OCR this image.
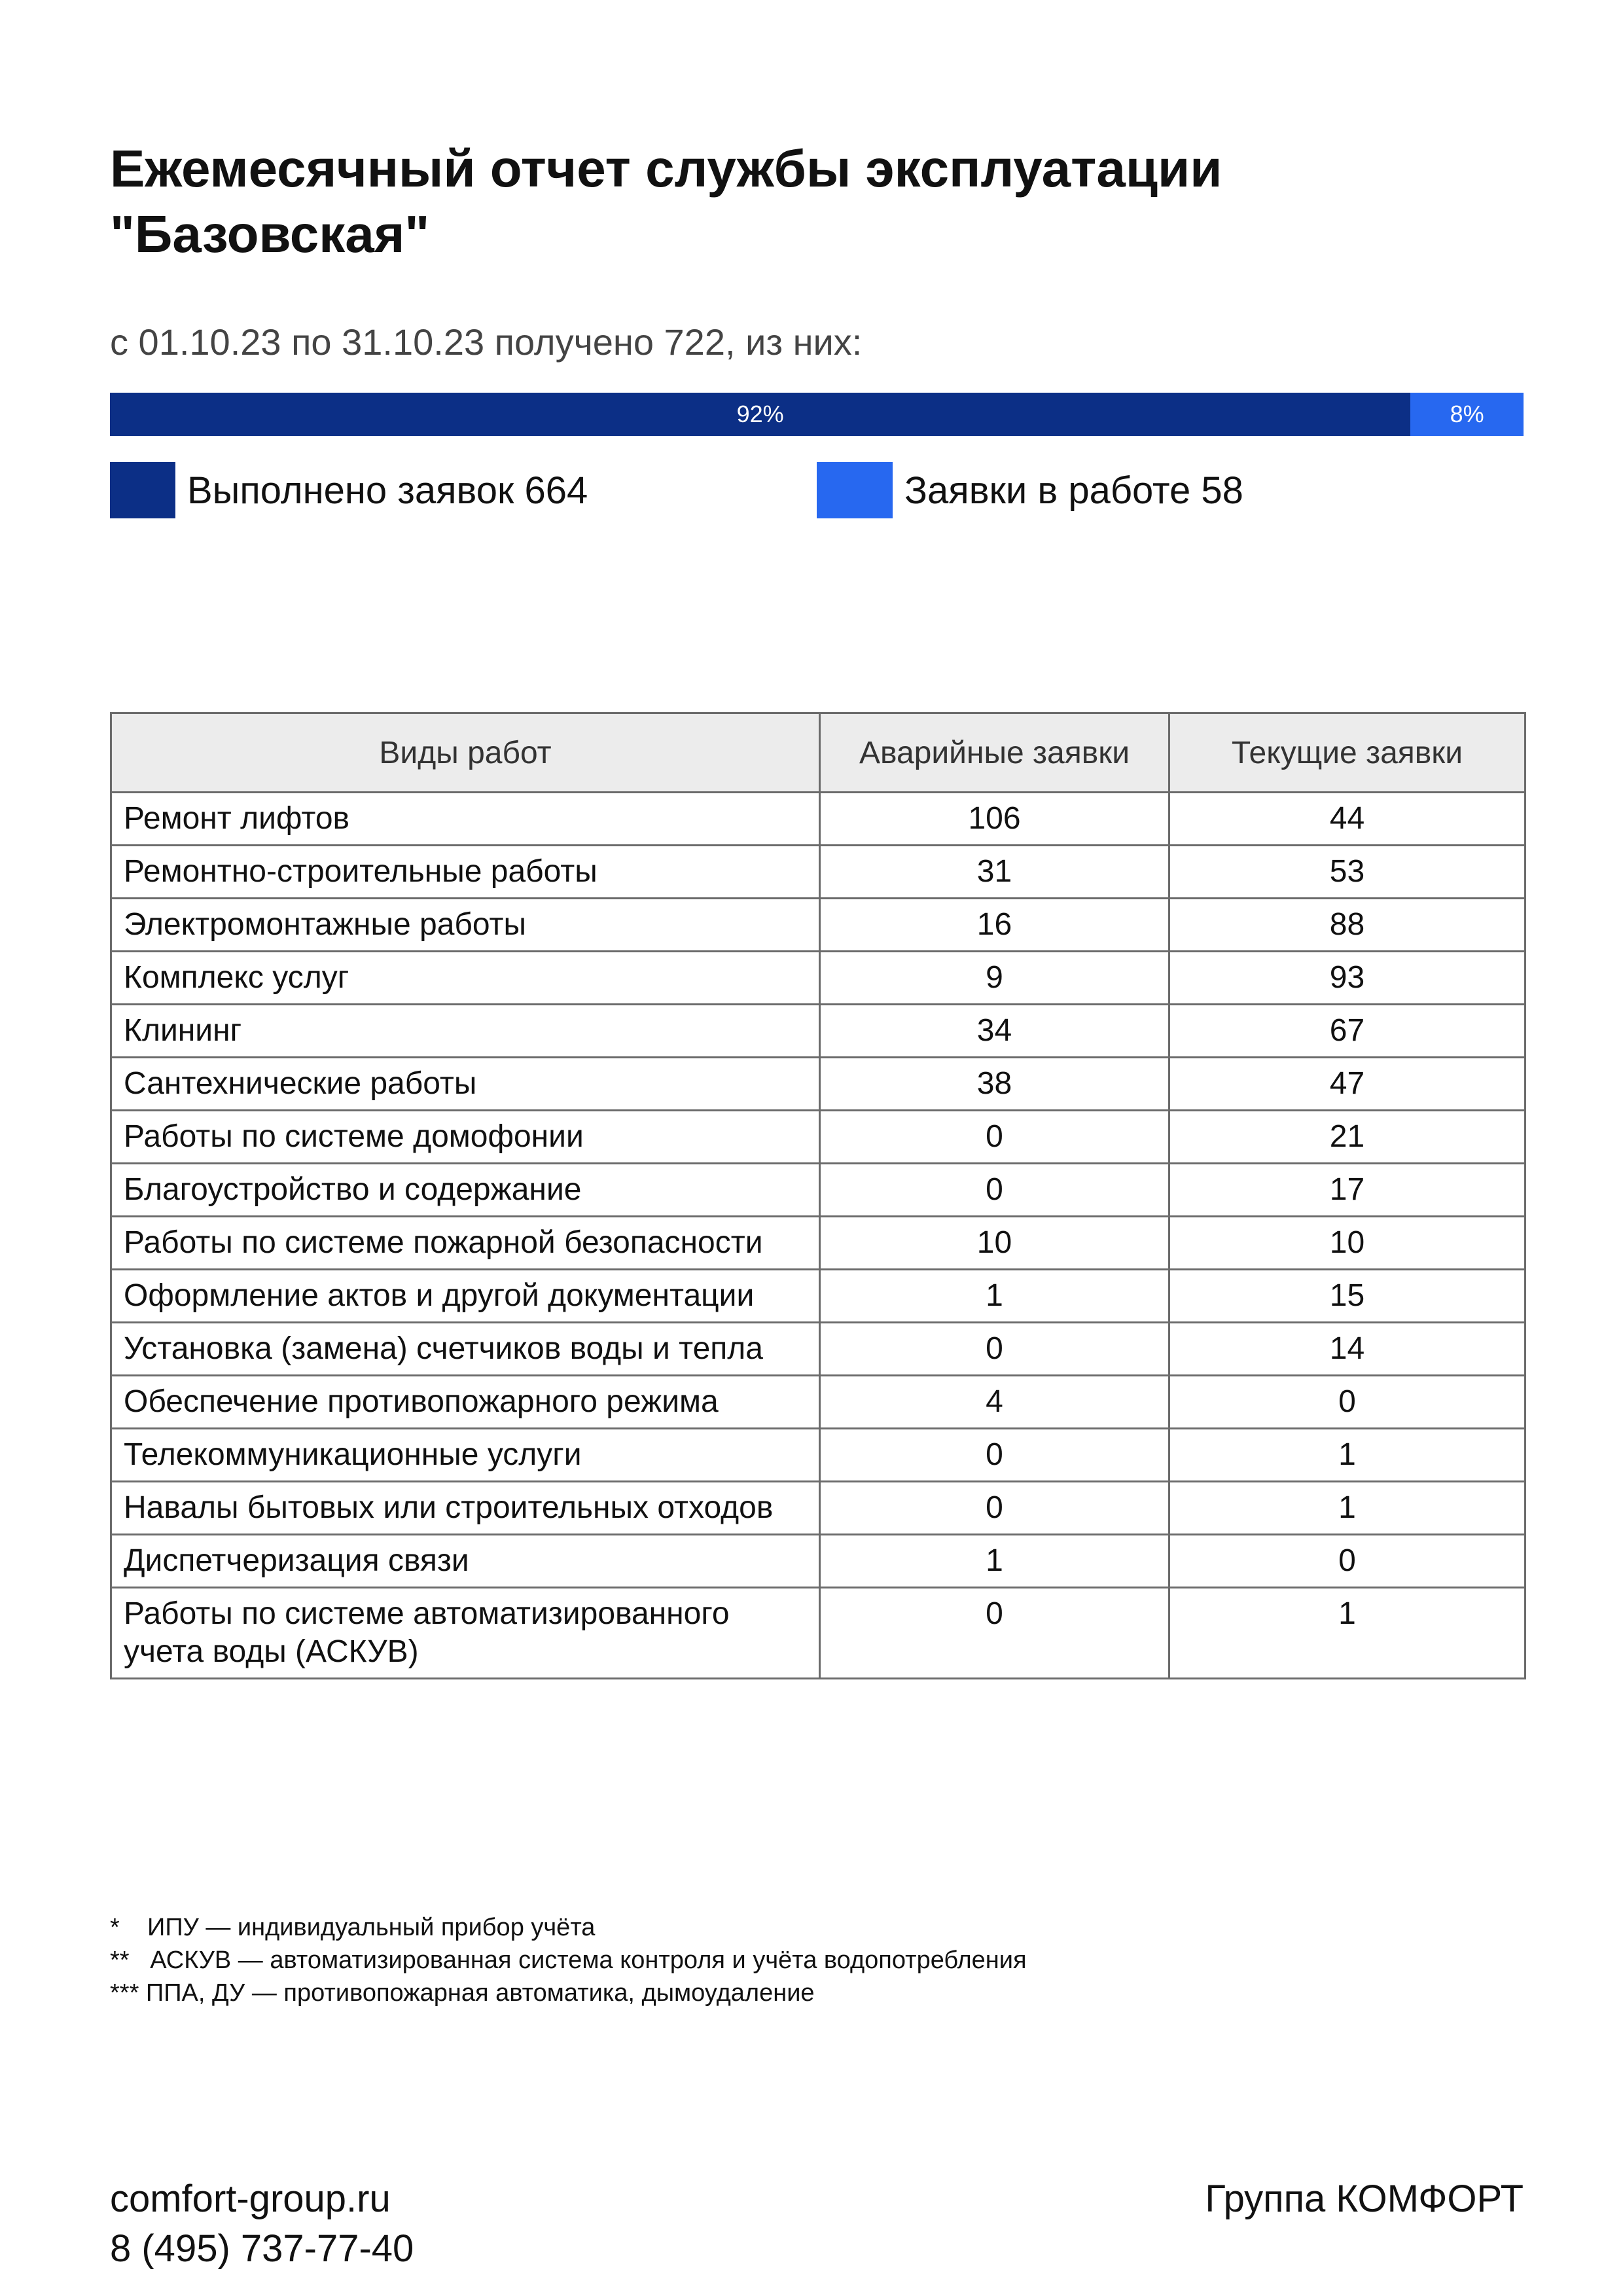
Ежемесячный отчет службы эксплуатации "Базовская"
с 01.10.23 по 31.10.23 получено 722, из них:
92%	8%
Выполнено заявок 664	Заявки в работе 58
Виды работ	Аварийные заявки	Текущие заявки
Ремонт лифтов	106	44
Ремонтно-строительные работы	31	53
Электромонтажные работы	16	88
Комплекс услуг	9	93
Клининг	34	67
Сантехнические работы	38	47
Работы по системе домофонии	0	21
Благоустройство и содержание	0	17
Работы по системе пожарной безопасности	10	10
Оформление актов и другой документации	1	15
Установка (замена) счетчиков воды и тепла	0	14
Обеспечение противопожарного режима	4	0
Телекоммуникационные услуги	0	1
Навалы бытовых или строительных отходов	0	1
Диспетчеризация связи	1	0
Работы по системе автоматизированного учета воды (АСКУВ)	0	1
*    ИПУ — индивидуальный прибор учёта
**   АСКУВ — автоматизированная система контроля и учёта водопотребления
*** ППА, ДУ — противопожарная автоматика, дымоудаление
comfort-group.ru
8 (495) 737-77-40
Группа КОМФОРТ
